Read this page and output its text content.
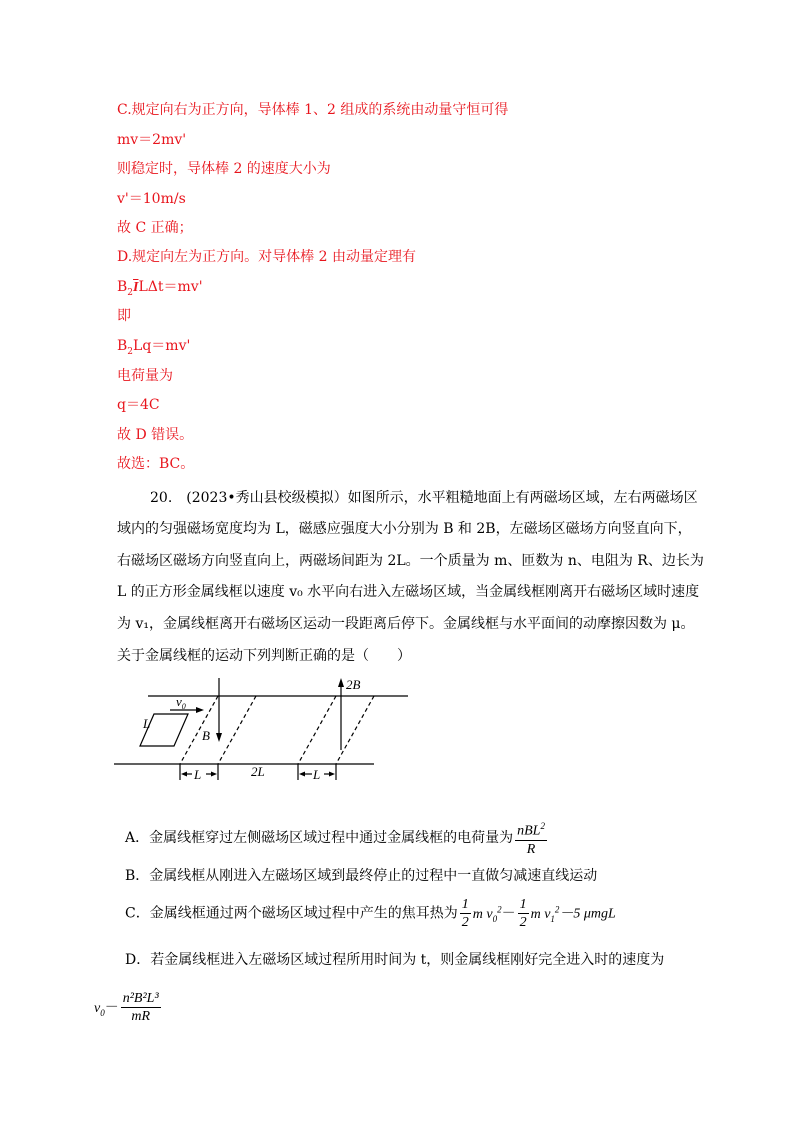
C.规定向右为正方向，导体棒 1、2 组成的系统由动量守恒可得
mv＝2mv'
则稳定时，导体棒 2 的速度大小为
v'＝10m/s
故 C 正确；
D.规定向左为正方向。对导体棒 2 由动量定理有
$B_2\overline{I}L\Delta t=mv'$
即
$B_2Lq=mv'$
电荷量为
q＝4C
故 D 错误。
故选：BC。
20.　(2023•秀山县校级模拟）如图所示，水平粗糙地面上有两磁场区域，左右两磁场区
域内的匀强磁场宽度均为 L，磁感应强度大小分别为 B 和 2B，左磁场区磁场方向竖直向下，
右磁场区磁场方向竖直向上，两磁场间距为 2L。一个质量为 m、匝数为 n、电阻为 R、边长为
L 的正方形金属线框以速度 v₀ 水平向右进入左磁场区域，当金属线框刚离开右磁场区域时速度
为 v₁，金属线框离开右磁场区运动一段距离后停下。金属线框与水平面间的动摩擦因数为 μ。
关于金属线框的运动下列判断正确的是（　　）
$v_0$
L
B
2B
L	2L	L
A．金属线框穿过左侧磁场区域过程中通过金属线框的电荷量为 $\frac{nBL^2}{R}$
B．金属线框从刚进入左磁场区域到最终停止的过程中一直做匀减速直线运动
C．金属线框通过两个磁场区域过程中产生的焦耳热为 $\frac{1}{2}$ m $v_0^2- \frac{1}{2}$ m $v_1^2-5$ μmgL
D．若金属线框进入左磁场区域过程所用时间为 t，则金属线框刚好完全进入时的速度为
$v_0- \frac{\text{n²B²L³}}{mR}$
